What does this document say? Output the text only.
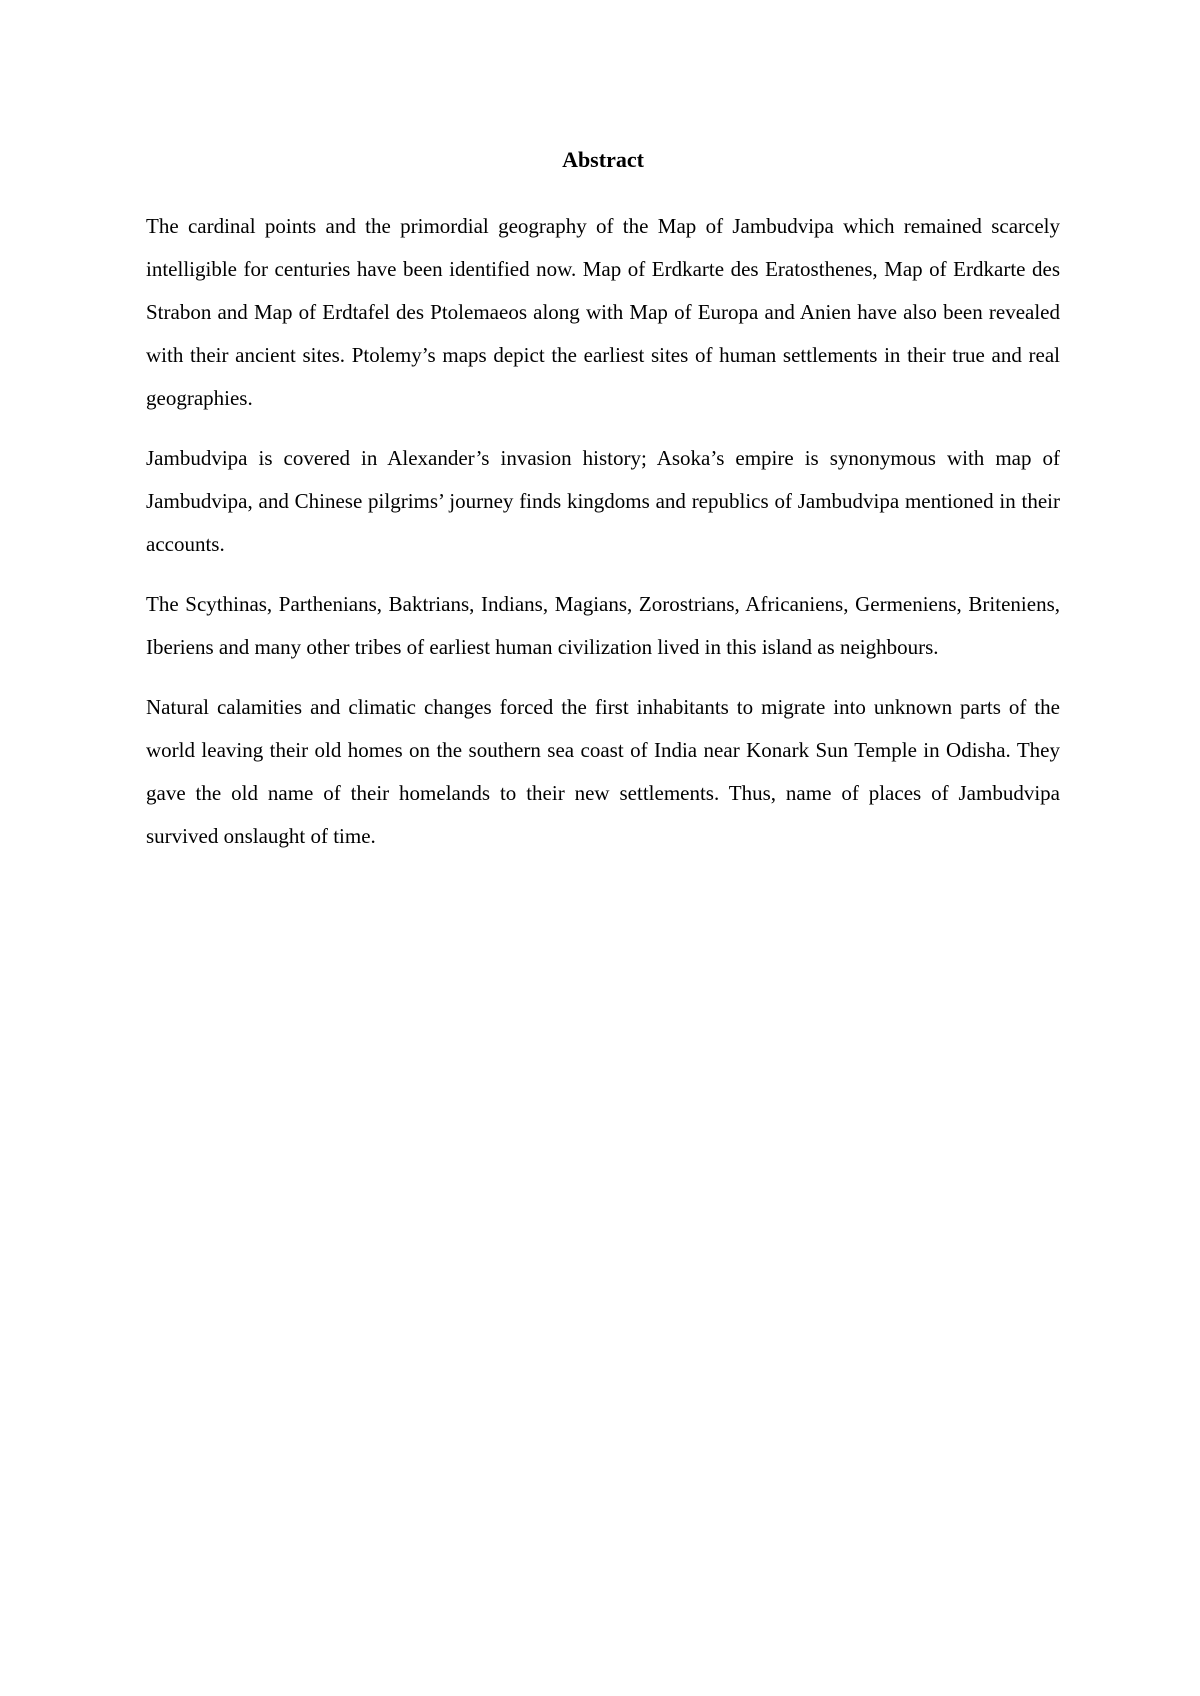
Abstract

The cardinal points and the primordial geography of the Map of Jambudvipa which remained scarcely intelligible for centuries have been identified now. Map of Erdkarte des Eratosthenes, Map of Erdkarte des Strabon and Map of Erdtafel des Ptolemaeos along with Map of Europa and Anien have also been revealed with their ancient sites. Ptolemy’s maps depict the earliest sites of human settlements in their true and real geographies.

Jambudvipa is covered in Alexander’s invasion history; Asoka’s empire is synonymous with map of Jambudvipa, and Chinese pilgrims’ journey finds kingdoms and republics of Jambudvipa mentioned in their accounts.

The Scythinas, Parthenians, Baktrians, Indians, Magians, Zorostrians, Africaniens, Germeniens, Briteniens, Iberiens and many other tribes of earliest human civilization lived in this island as neighbours.

Natural calamities and climatic changes forced the first inhabitants to migrate into unknown parts of the world leaving their old homes on the southern sea coast of India near Konark Sun Temple in Odisha. They gave the old name of their homelands to their new settlements. Thus, name of places of Jambudvipa survived onslaught of time.
